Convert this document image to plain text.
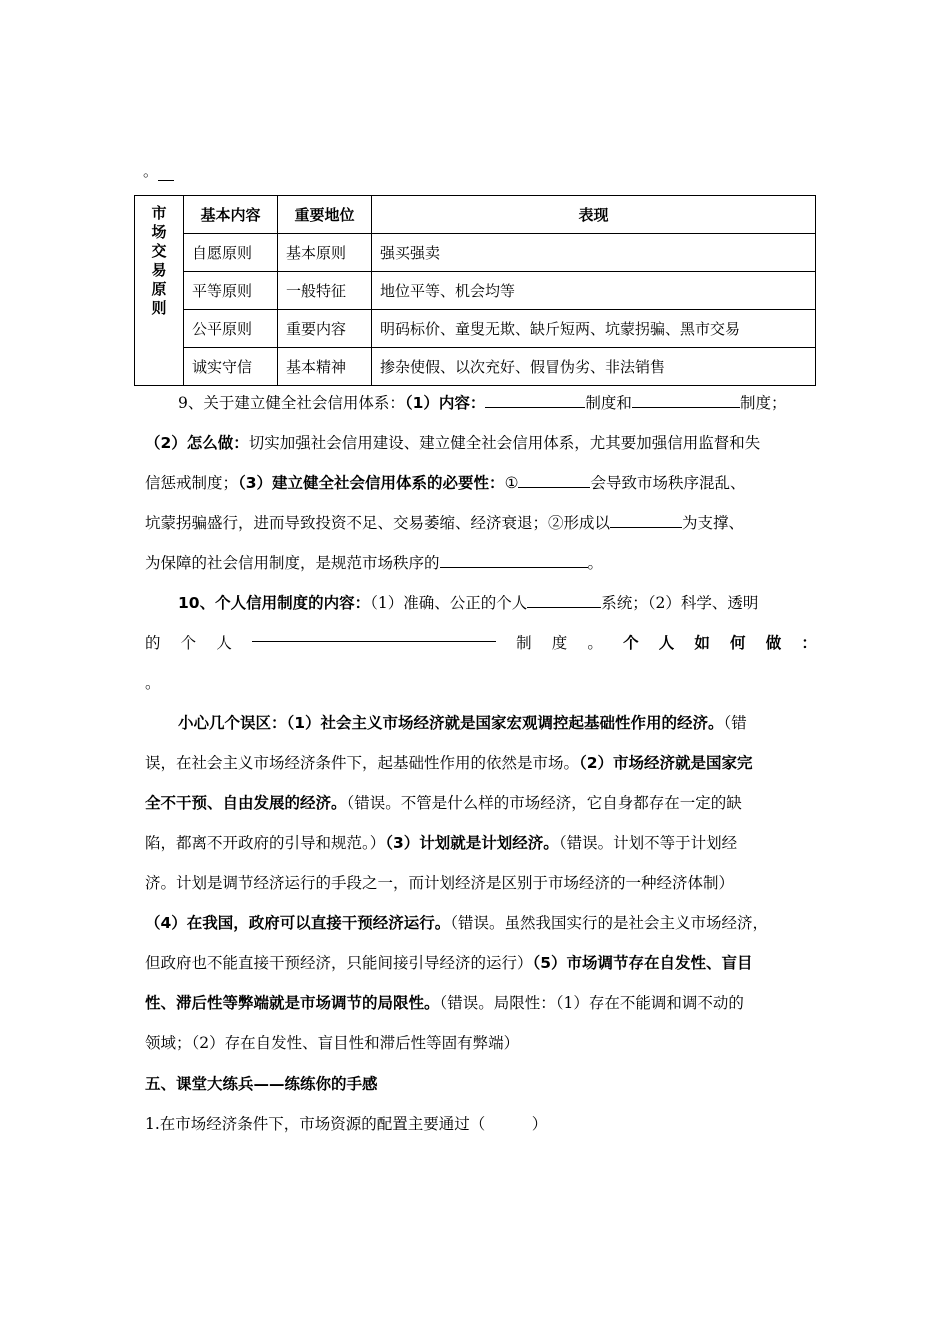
。
市场交易原则	基本内容	重要地位	表现
	自愿原则	基本原则	强买强卖
	平等原则	一般特征	地位平等、机会均等
	公平原则	重要内容	明码标价、童叟无欺、缺斤短两、坑蒙拐骗、黑市交易
	诚实守信	基本精神	掺杂使假、以次充好、假冒伪劣、非法销售
9、关于建立健全社会信用体系：（1）内容：	制度和	制度；
（2）怎么做：切实加强社会信用建设、建立健全社会信用体系，尤其要加强信用监督和失
信惩戒制度；（3）建立健全社会信用体系的必要性：①	会导致市场秩序混乱、
坑蒙拐骗盛行，进而导致投资不足、交易萎缩、经济衰退；②形成以	为支撑、
为保障的社会信用制度，是规范市场秩序的	。
10、个人信用制度的内容：（1）准确、公正的个人	系统；（2）科学、透明
的 个 人	制 度 。 个 人 如 何 做 ：
。
小心几个误区：（1）社会主义市场经济就是国家宏观调控起基础性作用的经济。（错
误，在社会主义市场经济条件下，起基础性作用的依然是市场。（2）市场经济就是国家完
全不干预、自由发展的经济。（错误。不管是什么样的市场经济，它自身都存在一定的缺
陷，都离不开政府的引导和规范。）（3）计划就是计划经济。（错误。计划不等于计划经
济。计划是调节经济运行的手段之一，而计划经济是区别于市场经济的一种经济体制）
（4）在我国，政府可以直接干预经济运行。（错误。虽然我国实行的是社会主义市场经济，
但政府也不能直接干预经济，只能间接引导经济的运行）（5）市场调节存在自发性、盲目
性、滞后性等弊端就是市场调节的局限性。（错误。局限性：（1）存在不能调和调不动的
领域；（2）存在自发性、盲目性和滞后性等固有弊端）
五、课堂大练兵——练练你的手感
1.在市场经济条件下，市场资源的配置主要通过（　　　）
